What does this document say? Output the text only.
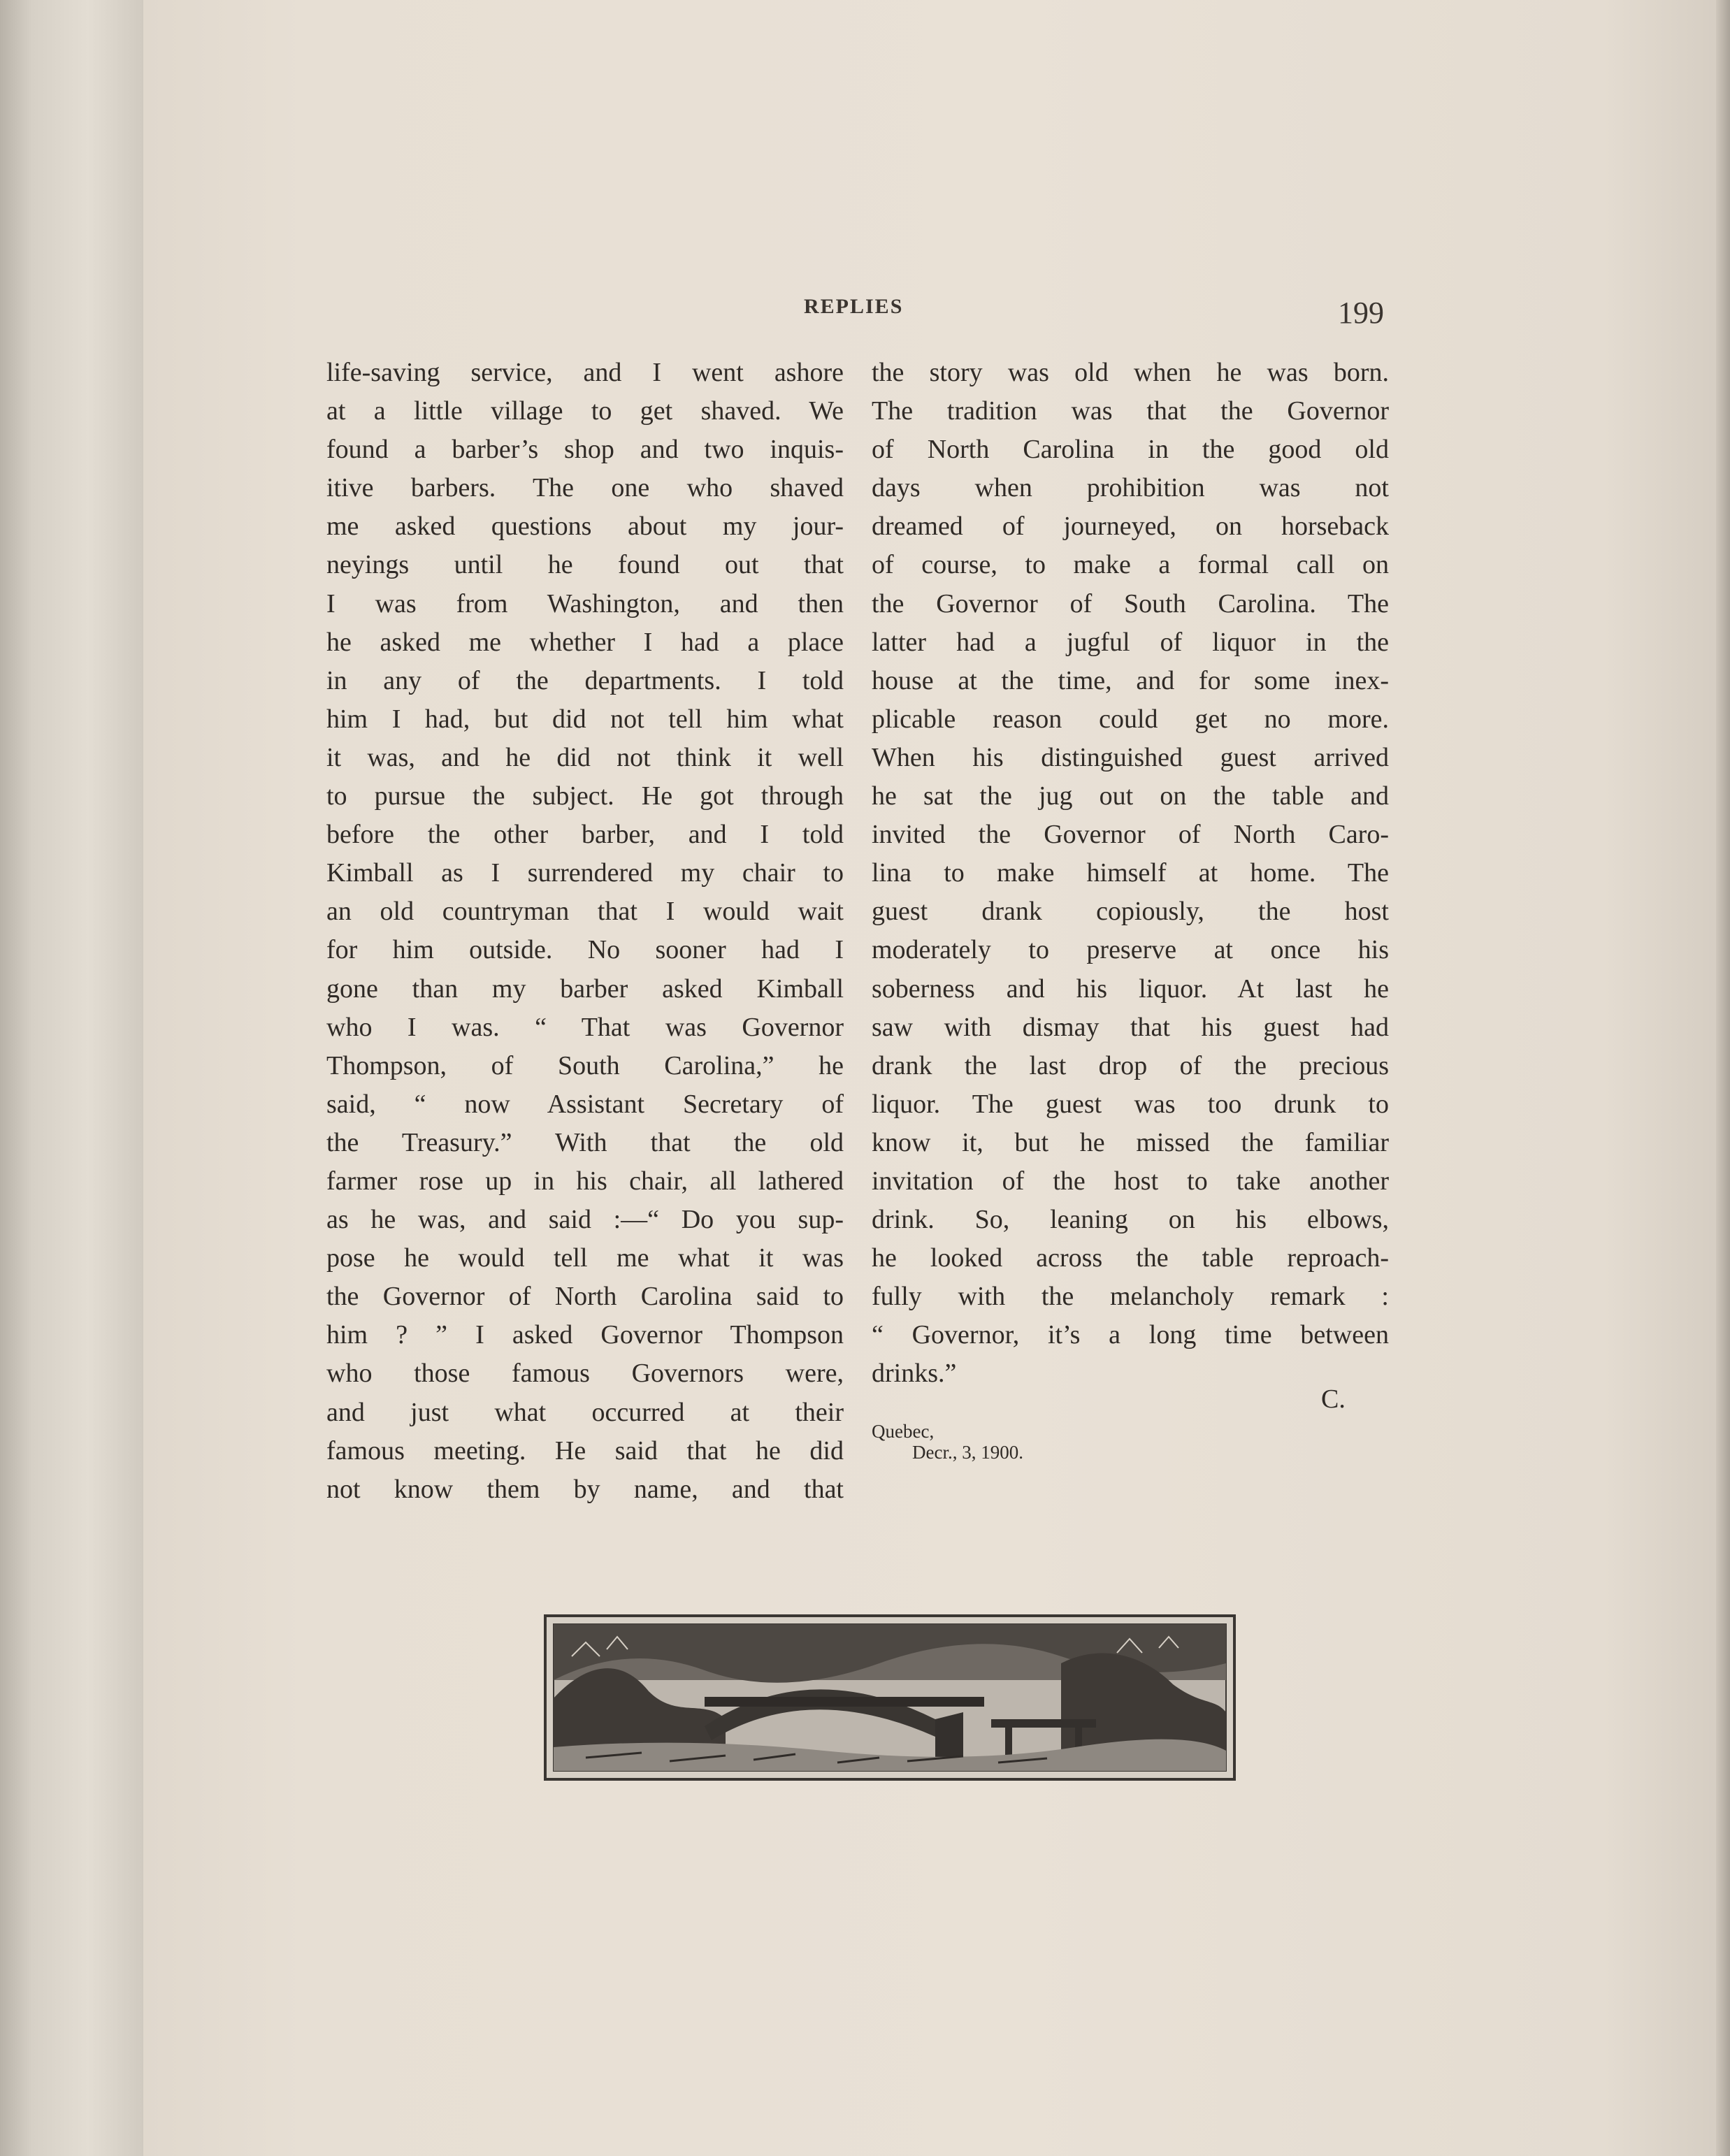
REPLIES	199
life-saving service, and I went ashore
at a little village to get shaved. We
found a barber’s shop and two inquis-
itive barbers. The one who shaved
me asked questions about my jour-
neyings until he found out that
I was from Washington, and then
he asked me whether I had a place
in any of the departments. I told
him I had, but did not tell him what
it was, and he did not think it well
to pursue the subject. He got through
before the other barber, and I told
Kimball as I surrendered my chair to
an old countryman that I would wait
for him outside. No sooner had I
gone than my barber asked Kimball
who I was. “ That was Governor
Thompson, of South Carolina,” he
said, “ now Assistant Secretary of
the Treasury.” With that the old
farmer rose up in his chair, all lathered
as he was, and said :—“ Do you sup-
pose he would tell me what it was
the Governor of North Carolina said to
him ? ” I asked Governor Thompson
who those famous Governors were,
and just what occurred at their
famous meeting. He said that he did
not know them by name, and that
the story was old when he was born.
The tradition was that the Governor
of North Carolina in the good old
days when prohibition was not
dreamed of journeyed, on horseback
of course, to make a formal call on
the Governor of South Carolina. The
latter had a jugful of liquor in the
house at the time, and for some inex-
plicable reason could get no more.
When his distinguished guest arrived
he sat the jug out on the table and
invited the Governor of North Caro-
lina to make himself at home. The
guest drank copiously, the host
moderately to preserve at once his
soberness and his liquor. At last he
saw with dismay that his guest had
drank the last drop of the precious
liquor. The guest was too drunk to
know it, but he missed the familiar
invitation of the host to take another
drink. So, leaning on his elbows,
he looked across the table reproach-
fully with the melancholy remark :
“ Governor, it’s a long time between
drinks.”
C.
Quebec,
Decr., 3, 1900.
